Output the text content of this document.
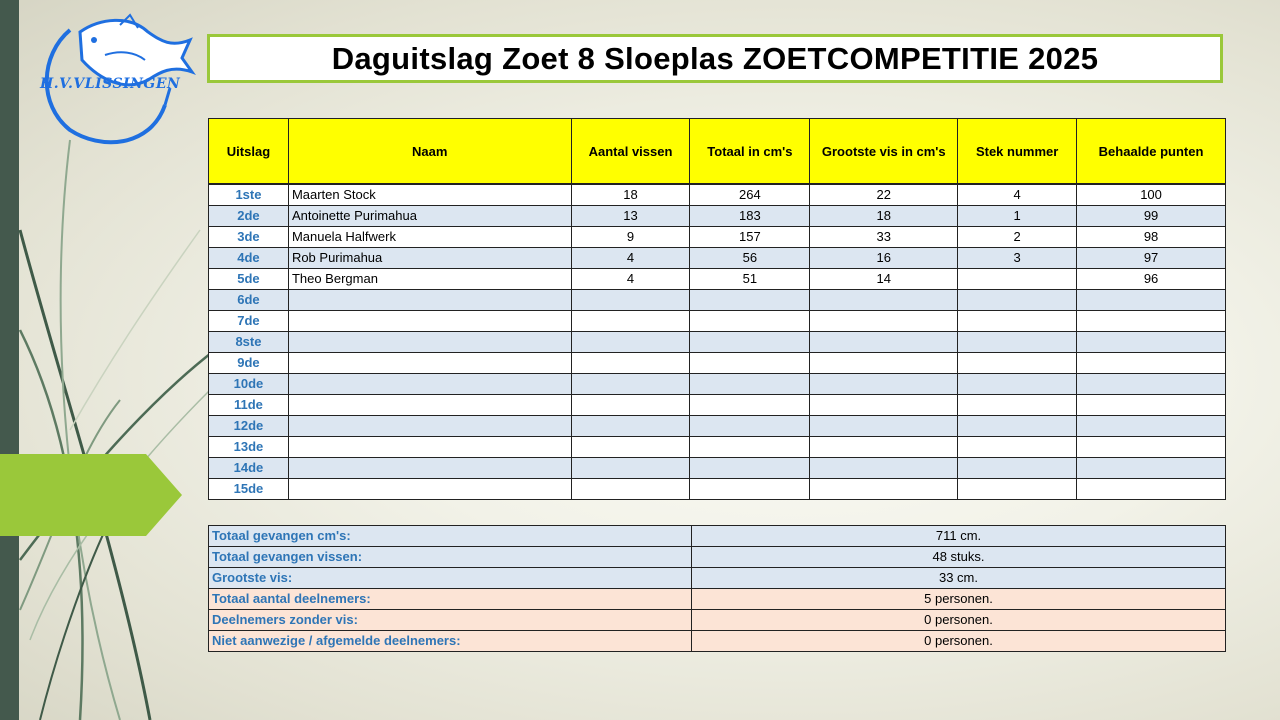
H.V.VLISSINGEN
Daguitslag Zoet 8 Sloeplas ZOETCOMPETITIE 2025
Uitslag	Naam	Aantal vissen	Totaal in cm's	Grootste vis in cm's	Stek nummer	Behaalde punten
1ste	Maarten Stock	18	264	22	4	100
2de	Antoinette Purimahua	13	183	18	1	99
3de	Manuela Halfwerk	9	157	33	2	98
4de	Rob Purimahua	4	56	16	3	97
5de	Theo Bergman	4	51	14		96
6de						
7de						
8ste						
9de						
10de						
11de						
12de						
13de						
14de						
15de						
Totaal gevangen cm's:	711 cm.
Totaal gevangen vissen:	48 stuks.
Grootste vis:	33 cm.
Totaal aantal deelnemers:	5 personen.
Deelnemers zonder vis:	0 personen.
Niet aanwezige / afgemelde deelnemers:	0 personen.
